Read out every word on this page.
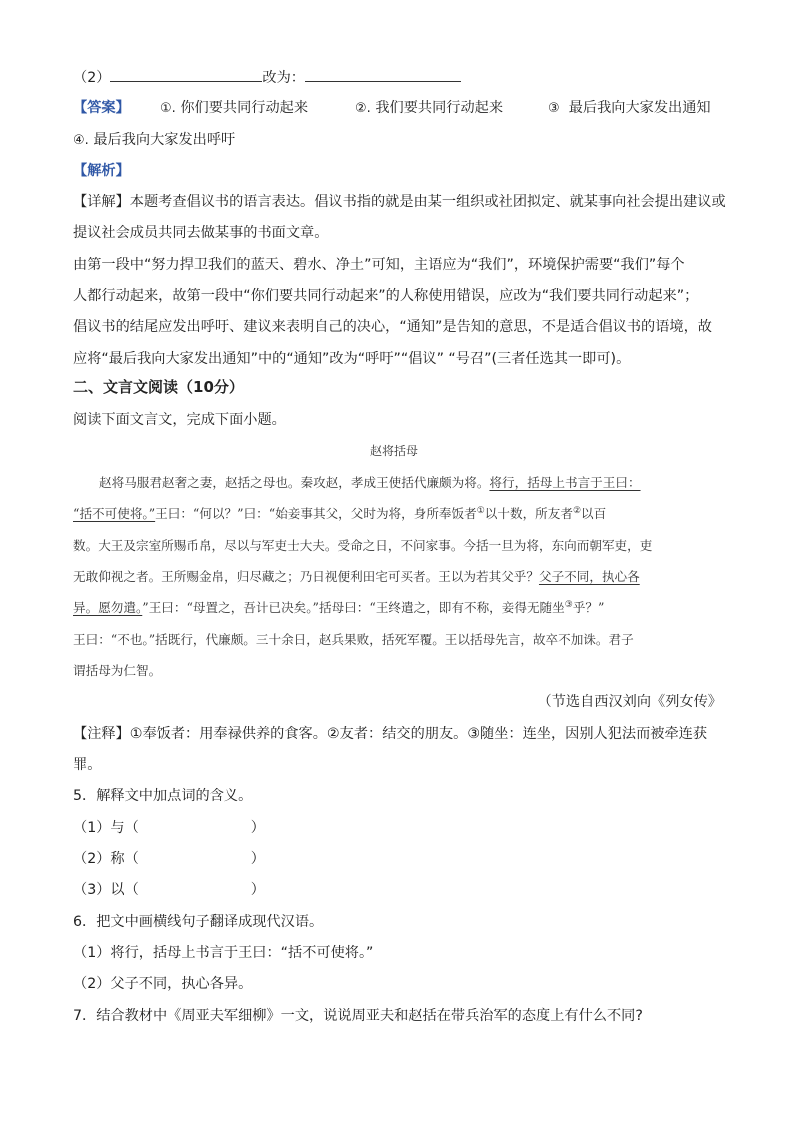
（2）	改为：
【答案】 ①. 你们要共同行动起来	②. 我们要共同行动起来	③ 最后我向大家发出通知
④. 最后我向大家发出呼吁
【解析】
【详解】本题考查倡议书的语言表达。倡议书指的就是由某一组织或社团拟定、就某事向社会提出建议或
提议社会成员共同去做某事的书面文章。
由第一段中“努力捍卫我们的蓝天、碧水、净土”可知，主语应为“我们”，环境保护需要“我们”每个
人都行动起来，故第一段中“你们要共同行动起来”的人称使用错误，应改为“我们要共同行动起来”；
倡议书的结尾应发出呼吁、建议来表明自己的决心，“通知”是告知的意思，不是适合倡议书的语境，故
应将“最后我向大家发出通知”中的“通知”改为“呼吁”“倡议” “号召”(三者任选其一即可)。
二、文言文阅读（10分）
阅读下面文言文，完成下面小题。
赵将括母
赵将马服君赵奢之妻，赵括之母也。秦攻赵，孝成王使括代廉颇为将。将行，括母上书言于王曰：
“括不可使将。”王曰：“何以？”曰：“始妾事其父，父时为将，身所奉饭者①以十数，所友者②以百
数。大王及宗室所赐币帛，尽以与军吏士大夫。受命之日，不问家事。今括一旦为将，东向而朝军吏，吏
无敢仰视之者。王所赐金帛，归尽藏之；乃日视便利田宅可买者。王以为若其父乎？父子不同，执心各
异。愿勿遣。”王曰：“母置之，吾计已决矣。”括母曰：“王终遣之，即有不称，妾得无随坐③乎？”
王曰：“不也。”括既行，代廉颇。三十余日，赵兵果败，括死军覆。王以括母先言，故卒不加诛。君子
谓括母为仁智。
（节选自西汉刘向《列女传》
【注释】①奉饭者：用奉禄供养的食客。②友者：结交的朋友。③随坐：连坐，因别人犯法而被牵连获
罪。
5．解释文中加点词的含义。
（1）与（	）
（2）称（	）
（3）以（	）
6．把文中画横线句子翻译成现代汉语。
（1）将行，括母上书言于王曰：“括不可使将。”
（2）父子不同，执心各异。
7．结合教材中《周亚夫军细柳》一文，说说周亚夫和赵括在带兵治军的态度上有什么不同?
